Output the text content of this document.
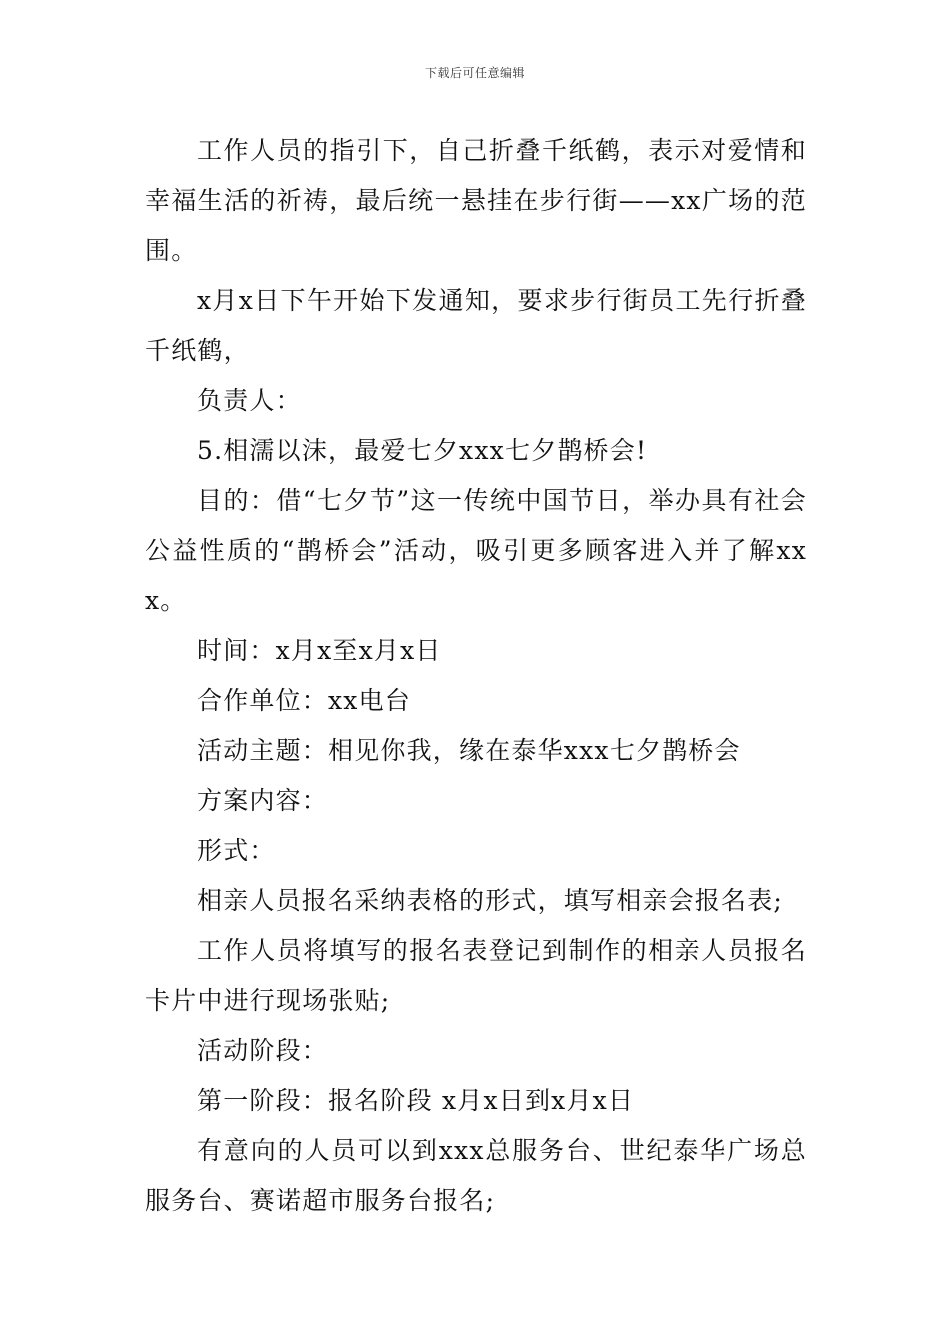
下载后可任意编辑

工作人员的指引下，自己折叠千纸鹤，表示对爱情和幸福生活的祈祷，最后统一悬挂在步行街——xx广场的范围。

x月x日下午开始下发通知，要求步行街员工先行折叠千纸鹤，

负责人：

5.相濡以沫，最爱七夕xxx七夕鹊桥会!

目的：借“七夕节”这一传统中国节日，举办具有社会公益性质的“鹊桥会”活动，吸引更多顾客进入并了解xxx。

时间：x月x至x月x日

合作单位：xx电台

活动主题：相见你我，缘在泰华xxx七夕鹊桥会

方案内容：

形式：

相亲人员报名采纳表格的形式，填写相亲会报名表;

工作人员将填写的报名表登记到制作的相亲人员报名卡片中进行现场张贴;

活动阶段：

第一阶段：报名阶段 x月x日到x月x日

有意向的人员可以到xxx总服务台、世纪泰华广场总服务台、赛诺超市服务台报名;
